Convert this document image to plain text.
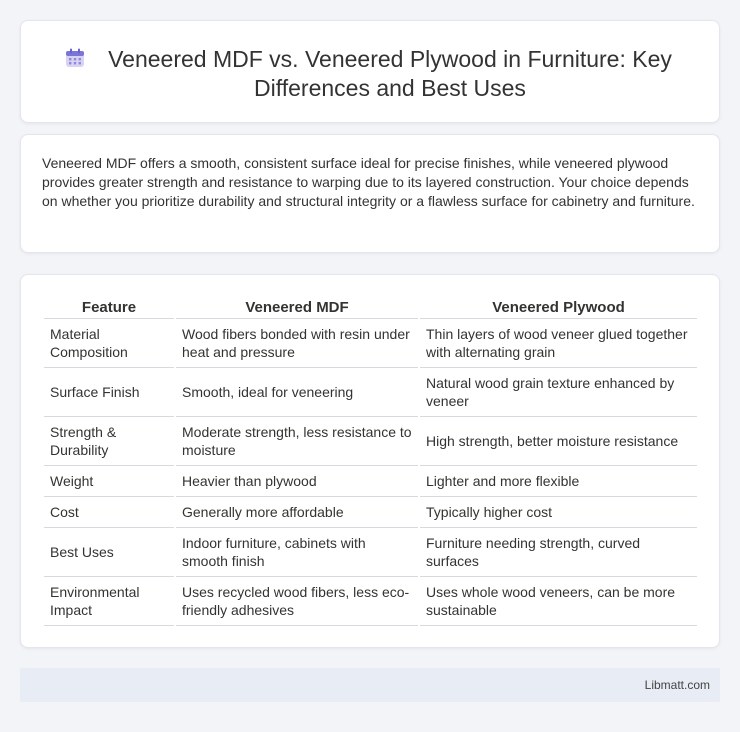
Veneered MDF vs. Veneered Plywood in Furniture: Key Differences and Best Uses

Veneered MDF offers a smooth, consistent surface ideal for precise finishes, while veneered plywood provides greater strength and resistance to warping due to its layered construction. Your choice depends on whether you prioritize durability and structural integrity or a flawless surface for cabinetry and furniture.

Feature	Veneered MDF	Veneered Plywood
Material Composition	Wood fibers bonded with resin under heat and pressure	Thin layers of wood veneer glued together with alternating grain
Surface Finish	Smooth, ideal for veneering	Natural wood grain texture enhanced by veneer
Strength & Durability	Moderate strength, less resistance to moisture	High strength, better moisture resistance
Weight	Heavier than plywood	Lighter and more flexible
Cost	Generally more affordable	Typically higher cost
Best Uses	Indoor furniture, cabinets with smooth finish	Furniture needing strength, curved surfaces
Environmental Impact	Uses recycled wood fibers, less eco-friendly adhesives	Uses whole wood veneers, can be more sustainable
Libmatt.com
